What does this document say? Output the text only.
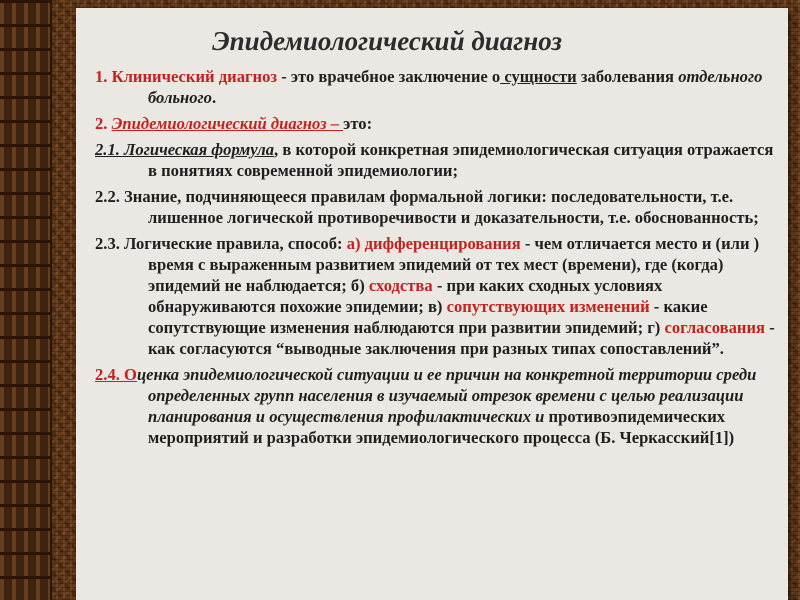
Эпидемиологический диагноз
1. Клинический диагноз - это врачебное заключение о сущности заболевания отдельного больного.
2. Эпидемиологический диагноз – это:
2.1. Логическая формула, в которой конкретная эпидемиологическая ситуация отражается в понятиях современной эпидемиологии;
2.2. Знание, подчиняющееся правилам формальной логики: последовательности, т.е. лишенное логической противоречивости и доказательности, т.е. обоснованность;
2.3. Логические правила, способ: а) дифференцирования - чем отличается место и (или ) время с выраженным развитием эпидемий от тех мест (времени), где (когда) эпидемий не наблюдается; б) сходства - при каких сходных условиях обнаруживаются похожие эпидемии; в) сопутствующих изменений - какие сопутствующие изменения наблюдаются при развитии эпидемий; г) согласования - как согласуются “выводные заключения при разных типах сопоставлений”.
2.4. Оценка эпидемиологической ситуации и ее причин на конкретной территории среди определенных групп населения в изучаемый отрезок времени с целью реализации планирования и осуществления профилактических и противоэпидемических мероприятий и разработки эпидемиологического процесса (Б. Черкасский[1])
